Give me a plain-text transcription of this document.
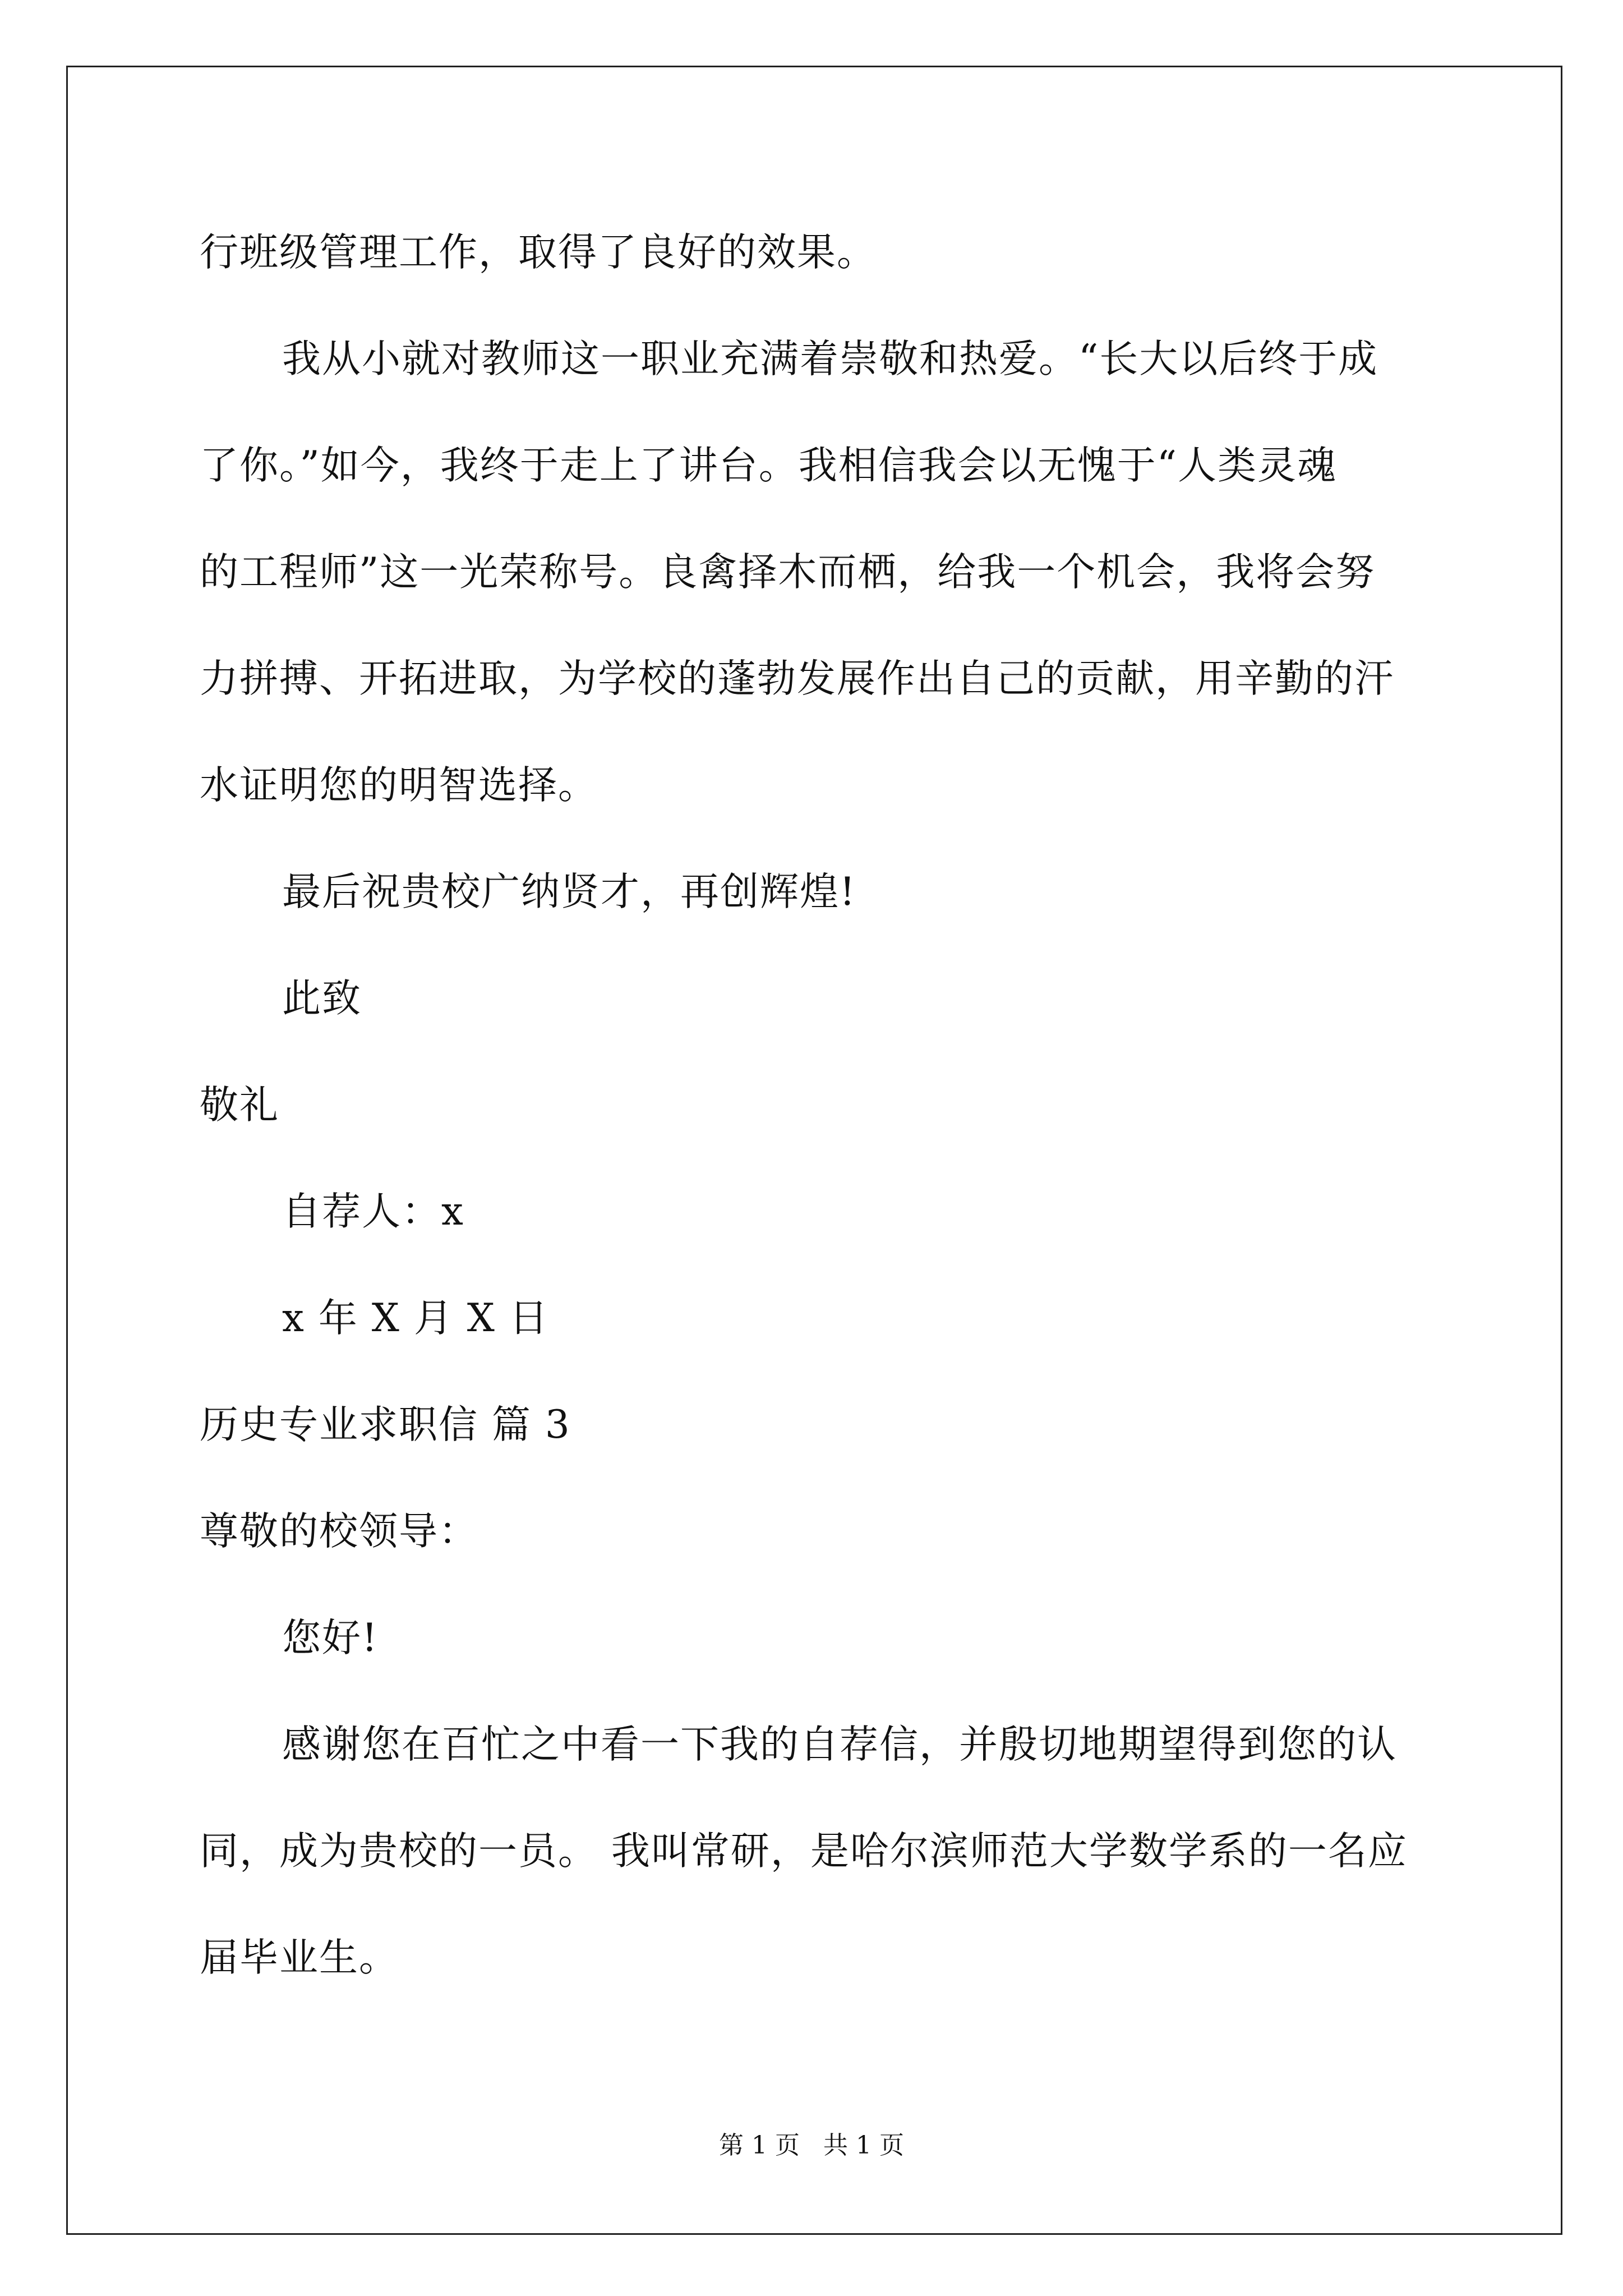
行班级管理工作，取得了良好的效果。
我从小就对教师这一职业充满着崇敬和热爱。“长大以后终于成
了你。”如今，我终于走上了讲台。我相信我会以无愧于“人类灵魂
的工程师”这一光荣称号。良禽择木而栖，给我一个机会，我将会努
力拼搏、开拓进取，为学校的蓬勃发展作出自己的贡献，用辛勤的汗
水证明您的明智选择。
最后祝贵校广纳贤才，再创辉煌!
此致
敬礼
自荐人：x
x 年 X 月 X 日
历史专业求职信 篇 3
尊敬的校领导：
您好!
感谢您在百忙之中看一下我的自荐信，并殷切地期望得到您的认
同，成为贵校的一员。 我叫常研，是哈尔滨师范大学数学系的一名应
届毕业生。
第 1 页   共 1 页
